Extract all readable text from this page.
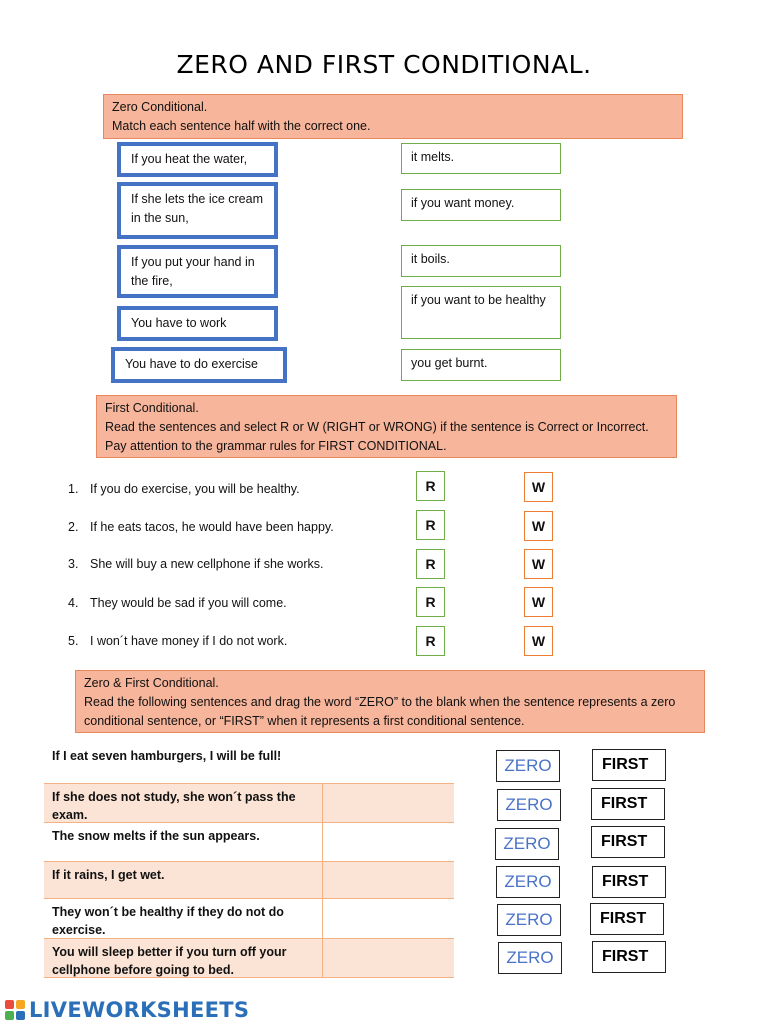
ZERO AND FIRST CONDITIONAL.
Zero Conditional.
Match each sentence half with the correct one.
If you heat the water,
If she lets the ice cream in the sun,
If you put your hand in the fire,
You have to work
You have to do exercise
it melts.
if you want money.
it boils.
if you want to be healthy
you get burnt.
First Conditional.
Read the sentences and select R or W (RIGHT or WRONG) if the sentence is Correct or Incorrect. Pay attention to the grammar rules for FIRST CONDITIONAL.
1. If you do exercise, you will be healthy.
2. If he eats tacos, he would have been happy.
3. She will buy a new cellphone if she works.
4. They would be sad if you will come.
5. I won´t have money if I do not work.
R
R
R
R
R
W
W
W
W
W
Zero & First Conditional.
Read the following sentences and drag the word “ZERO” to the blank when the sentence represents a zero conditional sentence, or “FIRST” when it represents a first conditional sentence.
If I eat seven hamburgers, I will be full!
If she does not study, she won´t pass the exam.
The snow melts if the sun appears.
If it rains, I get wet.
They won´t be healthy if they do not do exercise.
You will sleep better if you turn off your cellphone before going to bed.
ZERO
ZERO
ZERO
ZERO
ZERO
ZERO
FIRST
FIRST
FIRST
FIRST
FIRST
FIRST
LIVEWORKSHEETS
